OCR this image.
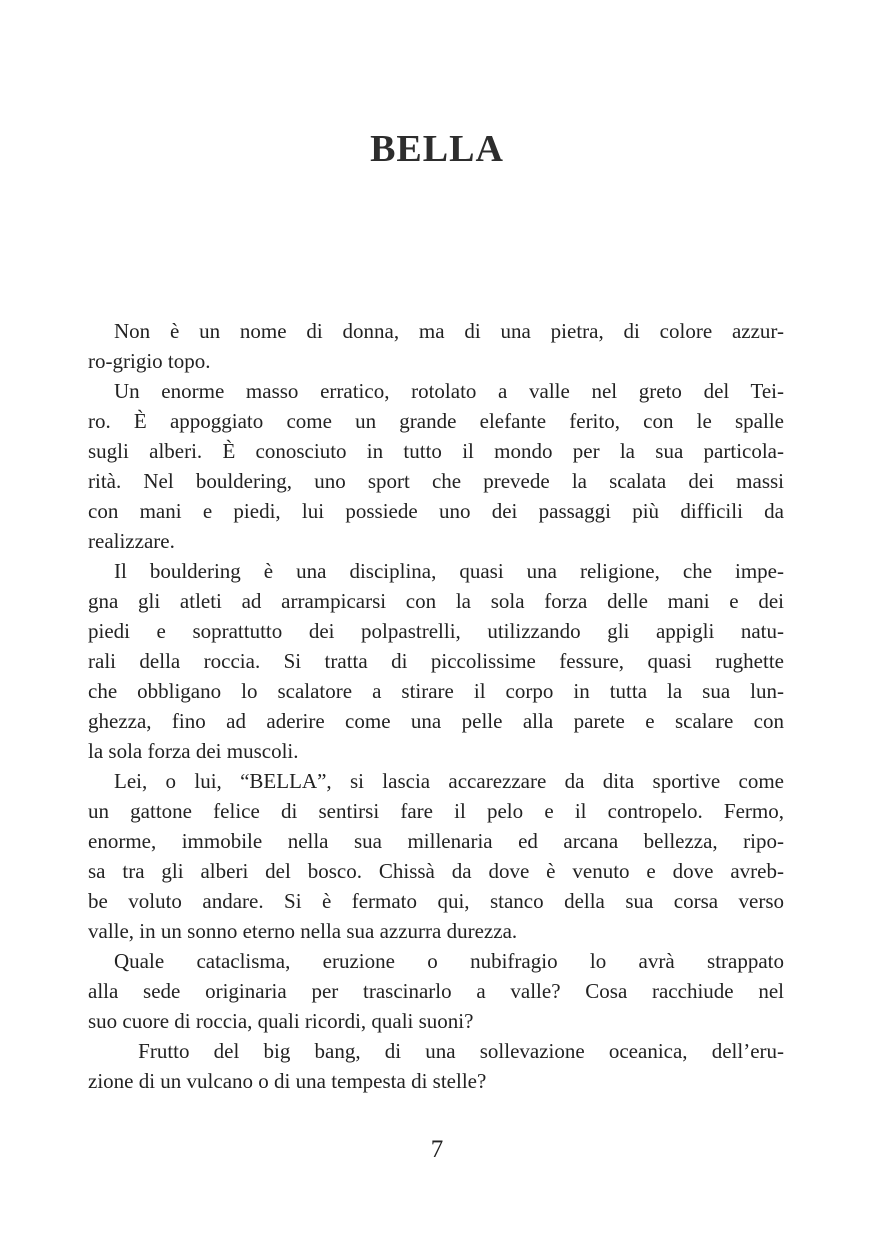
BELLA
Non è un nome di donna, ma di una pietra, di colore azzur-
ro-grigio topo.
Un enorme masso erratico, rotolato a valle nel greto del Tei-
ro. È appoggiato come un grande elefante ferito, con le spalle
sugli alberi. È conosciuto in tutto il mondo per la sua particola-
rità. Nel bouldering, uno sport che prevede la scalata dei massi
con mani e piedi, lui possiede uno dei passaggi più difficili da
realizzare.
Il bouldering è una disciplina, quasi una religione, che impe-
gna gli atleti ad arrampicarsi con la sola forza delle mani e dei
piedi e soprattutto dei polpastrelli, utilizzando gli appigli natu-
rali della roccia. Si tratta di piccolissime fessure, quasi rughette
che obbligano lo scalatore a stirare il corpo in tutta la sua lun-
ghezza, fino ad aderire come una pelle alla parete e scalare con
la sola forza dei muscoli.
Lei, o lui, “BELLA”, si lascia accarezzare da dita sportive come
un gattone felice di sentirsi fare il pelo e il contropelo. Fermo,
enorme, immobile nella sua millenaria ed arcana bellezza, ripo-
sa tra gli alberi del bosco. Chissà da dove è venuto e dove avreb-
be voluto andare. Si è fermato qui, stanco della sua corsa verso
valle, in un sonno eterno nella sua azzurra durezza.
Quale cataclisma, eruzione o nubifragio lo avrà strappato
alla sede originaria per trascinarlo a valle? Cosa racchiude nel
suo cuore di roccia, quali ricordi, quali suoni?
Frutto del big bang, di una sollevazione oceanica, dell’eru-
zione di un vulcano o di una tempesta di stelle?
7
